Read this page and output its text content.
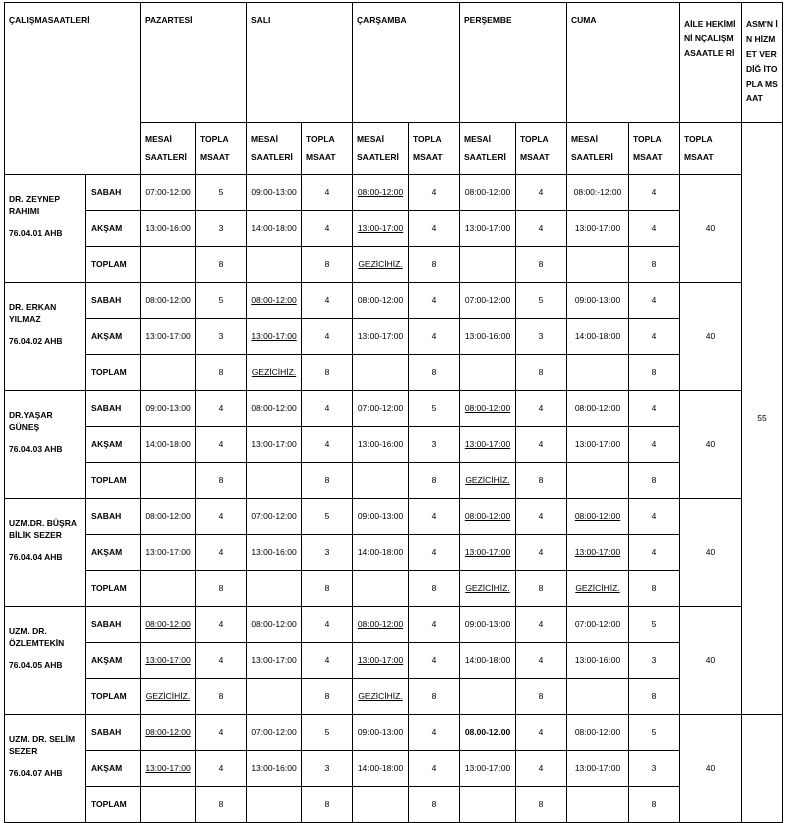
ÇALIŞMASAATLERİ		PAZARTESİ		SALI		ÇARŞAMBA		PERŞEMBE		CUMA		AİLE HEKİMİNİ NÇALIŞM ASAATLE Rİ	ASM'N İN HİZMET VERDİĞ İTOPLA MSAAT
		MESAİ SAATLERİ	TOPLA MSAAT	MESAİ SAATLERİ	TOPLA MSAAT	MESAİ SAATLERİ	TOPLA MSAAT	MESAİ SAATLERİ	TOPLA MSAAT	MESAİ SAATLERİ	TOPLA MSAAT	TOPLA MSAAT	55

DR. ZEYNEP RAHIMI
76.04.01 AHB	SABAH	07:00-12:00	5	09:00-13:00	4	08:00-12:00	4	08:00-12:00	4	08:00:-12:00	4	40	
	AKŞAM	13:00-16:00	3	14:00-18:00	4	13:00-17:00	4	13:00-17:00	4	13:00-17:00	4		
	TOPLAM		8		8	GEZİCİHİZ.	8		8		8		

DR. ERKAN YILMAZ
76.04.02 AHB	SABAH	08:00-12:00	5	08:00-12:00	4	08:00-12:00	4	07:00-12:00	5	09:00-13:00	4	40	
	AKŞAM	13:00-17:00	3	13:00-17:00	4	13:00-17:00	4	13:00-16:00	3	14:00-18:00	4		
	TOPLAM		8	GEZİCİHİZ.	8		8		8		8		

DR.YAŞAR GÜNEŞ
76.04.03 AHB	SABAH	09:00-13:00	4	08:00-12:00	4	07:00-12:00	5	08:00-12:00	4	08:00-12:00	4	40	
	AKŞAM	14:00-18:00	4	13:00-17:00	4	13:00-16:00	3	13:00-17:00	4	13:00-17:00	4		
	TOPLAM		8		8		8	GEZİCİHİZ.	8		8		

UZM.DR. BÜŞRA BİLİK SEZER
76.04.04 AHB	SABAH	08:00-12:00	4	07:00-12:00	5	09:00-13:00	4	08:00-12:00	4	08:00-12:00	4	40	
	AKŞAM	13:00-17:00	4	13:00-16:00	3	14:00-18:00	4	13:00-17:00	4	13:00-17:00	4		
	TOPLAM		8		8		8	GEZİCİHİZ.	8	GEZİCİHİZ.	8		

UZM. DR. ÖZLEMTEKİN
76.04.05 AHB	SABAH	08:00-12:00	4	08:00-12:00	4	08:00-12:00	4	09:00-13:00	4	07:00-12:00	5	40	
	AKŞAM	13:00-17:00	4	13:00-17:00	4	13:00-17:00	4	14:00-18:00	4	13:00-16:00	3		
	TOPLAM	GEZİCİHİZ.	8		8	GEZİCİHİZ.	8		8		8		

UZM. DR. SELİM SEZER
76.04.07 AHB	SABAH	08:00-12:00	4	07:00-12:00	5	09:00-13:00	4	08.00-12.00	4	08:00-12:00	5	40	
	AKŞAM	13:00-17:00	4	13:00-16:00	3	14:00-18:00	4	13:00-17:00	4	13:00-17:00	3		
	TOPLAM		8		8		8		8		8		
